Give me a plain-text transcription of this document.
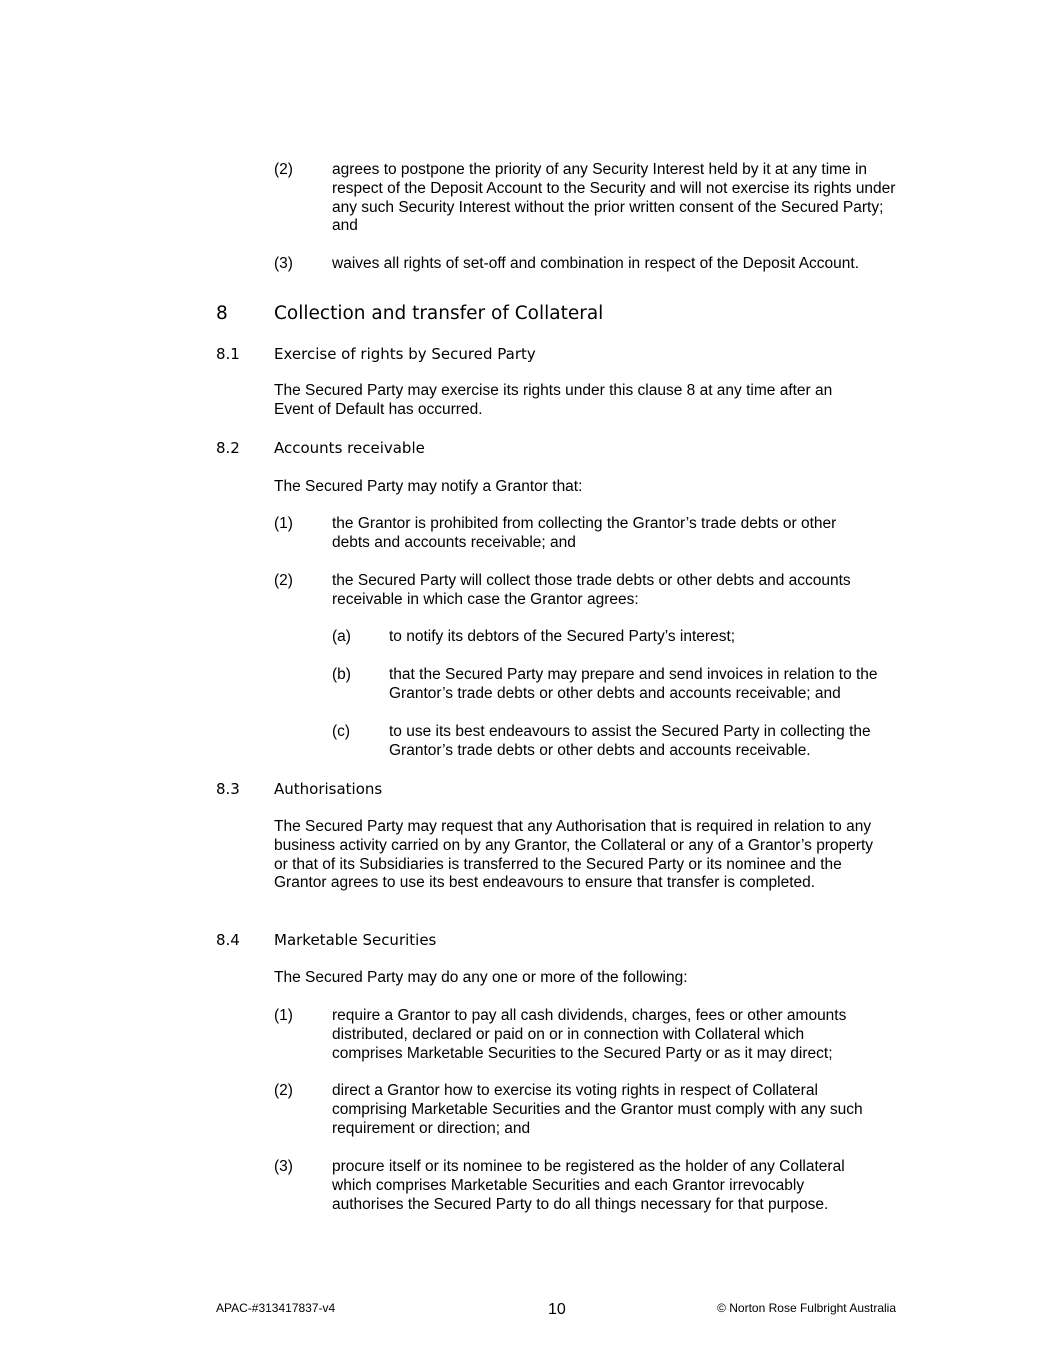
(2)	agrees to postpone the priority of any Security Interest held by it at any time in respect of the Deposit Account to the Security and will not exercise its rights under any such Security Interest without the prior written consent of the Secured Party; and
(3)	waives all rights of set-off and combination in respect of the Deposit Account.
8 Collection and transfer of Collateral
8.1 Exercise of rights by Secured Party
The Secured Party may exercise its rights under this clause 8 at any time after an Event of Default has occurred.
8.2 Accounts receivable
The Secured Party may notify a Grantor that:
(1)	the Grantor is prohibited from collecting the Grantor’s trade debts or other debts and accounts receivable; and
(2)	the Secured Party will collect those trade debts or other debts and accounts receivable in which case the Grantor agrees:
(a) to notify its debtors of the Secured Party’s interest;
(b) that the Secured Party may prepare and send invoices in relation to the Grantor’s trade debts or other debts and accounts receivable; and
(c)	to use its best endeavours to assist the Secured Party in collecting the Grantor’s trade debts or other debts and accounts receivable.
8.3 Authorisations
The Secured Party may request that any Authorisation that is required in relation to any business activity carried on by any Grantor, the Collateral or any of a Grantor’s property or that of its Subsidiaries is transferred to the Secured Party or its nominee and the Grantor agrees to use its best endeavours to ensure that transfer is completed.
8.4 Marketable Securities
The Secured Party may do any one or more of the following:
(1)	require a Grantor to pay all cash dividends, charges, fees or other amounts distributed, declared or paid on or in connection with Collateral which comprises Marketable Securities to the Secured Party or as it may direct;
(2)	direct a Grantor how to exercise its voting rights in respect of Collateral comprising Marketable Securities and the Grantor must comply with any such requirement or direction; and
(3)	procure itself or its nominee to be registered as the holder of any Collateral which comprises Marketable Securities and each Grantor irrevocably authorises the Secured Party to do all things necessary for that purpose.
APAC-#313417837-v4	10	© Norton Rose Fulbright Australia
